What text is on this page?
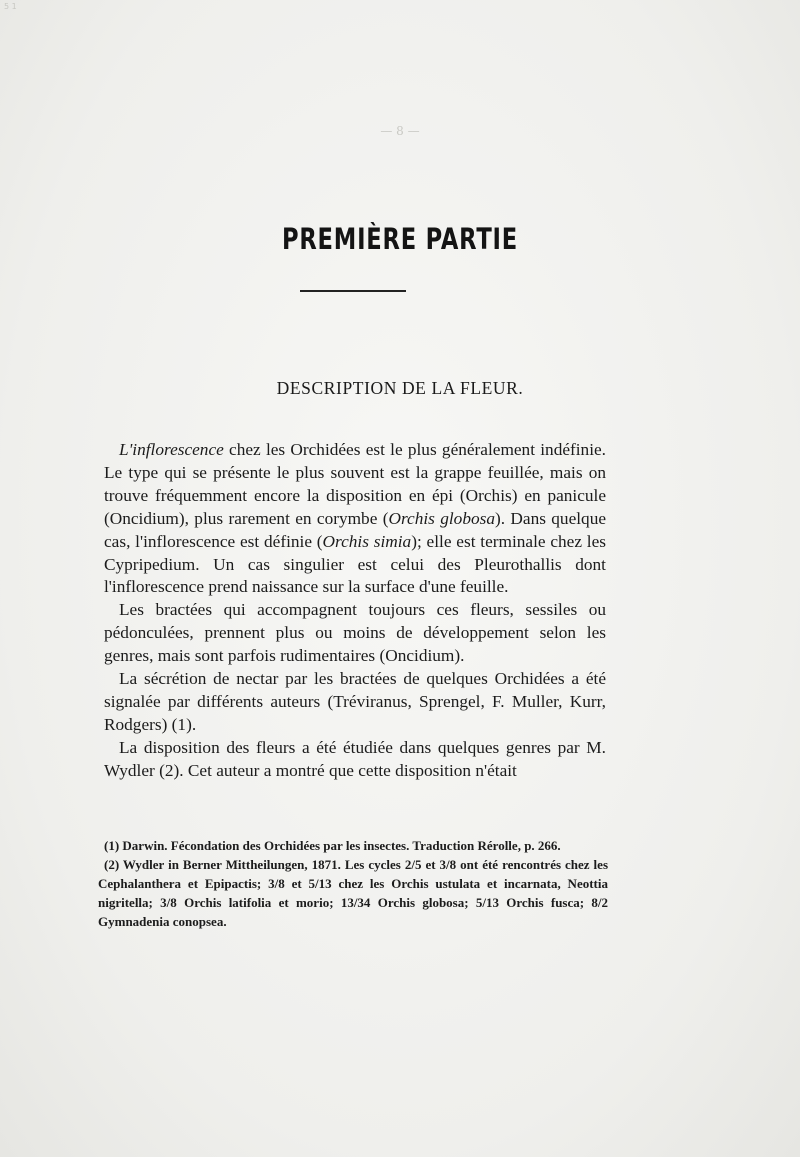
5 1
— 8 —
PREMIÈRE PARTIE
DESCRIPTION DE LA FLEUR.

L'inflorescence chez les Orchidées est le plus généralement indéfinie. Le type qui se présente le plus souvent est la grappe feuillée, mais on trouve fréquemment encore la disposition en épi (Orchis) en panicule (Oncidium), plus rarement en corymbe (Orchis globosa). Dans quelque cas, l'inflorescence est définie (Orchis simia); elle est terminale chez les Cypripedium. Un cas singulier est celui des Pleurothallis dont l'inflorescence prend naissance sur la surface d'une feuille.

Les bractées qui accompagnent toujours ces fleurs, sessiles ou pédonculées, prennent plus ou moins de développement selon les genres, mais sont parfois rudimentaires (Oncidium).

La sécrétion de nectar par les bractées de quelques Orchidées a été signalée par différents auteurs (Tréviranus, Sprengel, F. Muller, Kurr, Rodgers) (1).

La disposition des fleurs a été étudiée dans quelques genres par M. Wydler (2). Cet auteur a montré que cette disposition n'était

(1) Darwin. Fécondation des Orchidées par les insectes. Traduction Rérolle, p. 266.

(2) Wydler in Berner Mittheilungen, 1871. Les cycles 2/5 et 3/8 ont été rencontrés chez les Cephalanthera et Epipactis; 3/8 et 5/13 chez les Orchis ustulata et incarnata, Neottia nigritella; 3/8 Orchis latifolia et morio; 13/34 Orchis globosa; 5/13 Orchis fusca; 8/2 Gymnadenia conopsea.
